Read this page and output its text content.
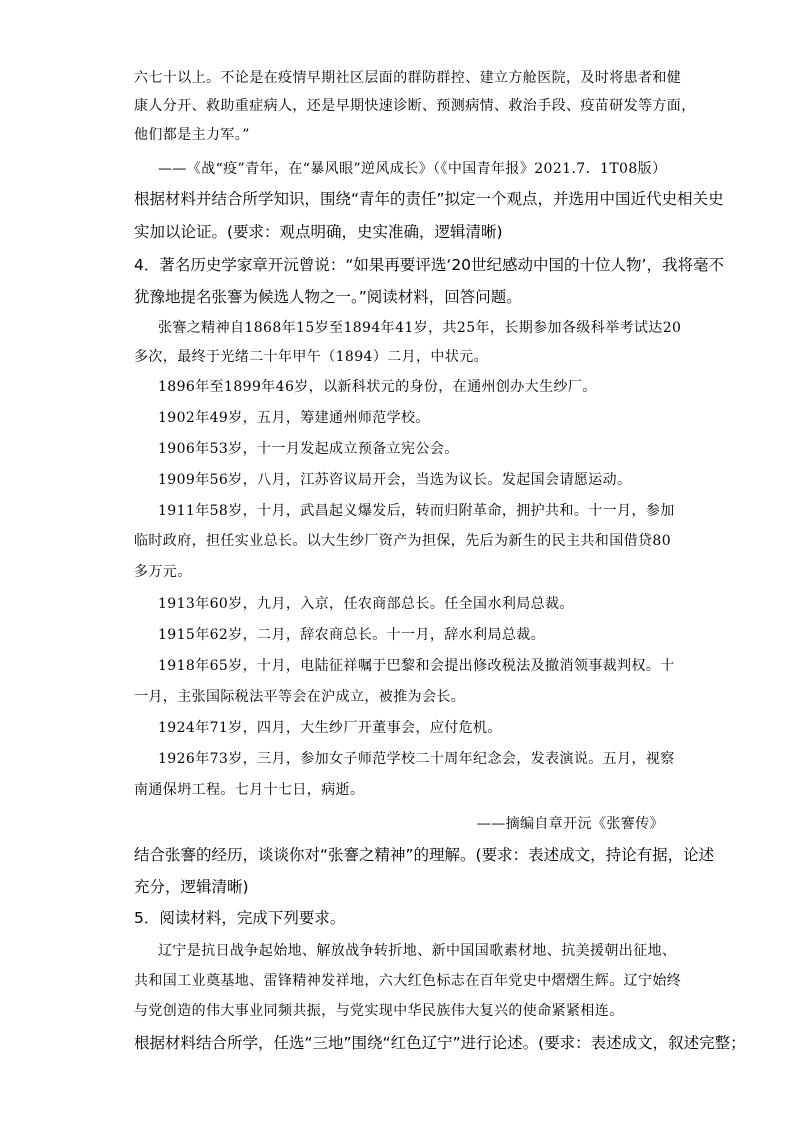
六七十以上。不论是在疫情早期社区层面的群防群控、建立方舱医院，及时将患者和健
康人分开、救助重症病人，还是早期快速诊断、预测病情、救治手段、疫苗研发等方面，
他们都是主力军。”
——《战“疫”青年，在“暴风眼”逆风成长》（《中国青年报》2021.7．1T08版）
根据材料并结合所学知识，围绕“青年的责任”拟定一个观点，并选用中国近代史相关史
实加以论证。(要求：观点明确，史实准确，逻辑清晰)
4．著名历史学家章开沅曾说：“如果再要评选‘20世纪感动中国的十位人物’，我将毫不
犹豫地提名张謇为候选人物之一。”阅读材料，回答问题。
张謇之精神自1868年15岁至1894年41岁，共25年，长期参加各级科举考试达20
多次，最终于光绪二十年甲午（1894）二月，中状元。
1896年至1899年46岁，以新科状元的身份，在通州创办大生纱厂。
1902年49岁，五月，筹建通州师范学校。
1906年53岁，十一月发起成立预备立宪公会。
1909年56岁，八月，江苏咨议局开会，当选为议长。发起国会请愿运动。
1911年58岁，十月，武昌起义爆发后，转而归附革命，拥护共和。十一月，参加
临时政府，担任实业总长。以大生纱厂资产为担保，先后为新生的民主共和国借贷80
多万元。
1913年60岁，九月，入京，任农商部总长。任全国水利局总裁。
1915年62岁，二月，辞农商总长。十一月，辞水利局总裁。
1918年65岁，十月，电陆征祥嘱于巴黎和会提出修改税法及撤消领事裁判权。十
一月，主张国际税法平等会在沪成立，被推为会长。
1924年71岁，四月，大生纱厂开董事会，应付危机。
1926年73岁，三月，参加女子师范学校二十周年纪念会，发表演说。五月，视察
南通保坍工程。七月十七日，病逝。
——摘编自章开沅《张謇传》
结合张謇的经历，谈谈你对“张謇之精神”的理解。(要求：表述成文，持论有据，论述
充分，逻辑清晰)
5．阅读材料，完成下列要求。
辽宁是抗日战争起始地、解放战争转折地、新中国国歌素材地、抗美援朝出征地、
共和国工业奠基地、雷锋精神发祥地，六大红色标志在百年党史中熠熠生辉。辽宁始终
与党创造的伟大事业同频共振，与党实现中华民族伟大复兴的使命紧紧相连。
根据材料结合所学，任选“三地”围绕“红色辽宁”进行论述。(要求：表述成文，叙述完整；
